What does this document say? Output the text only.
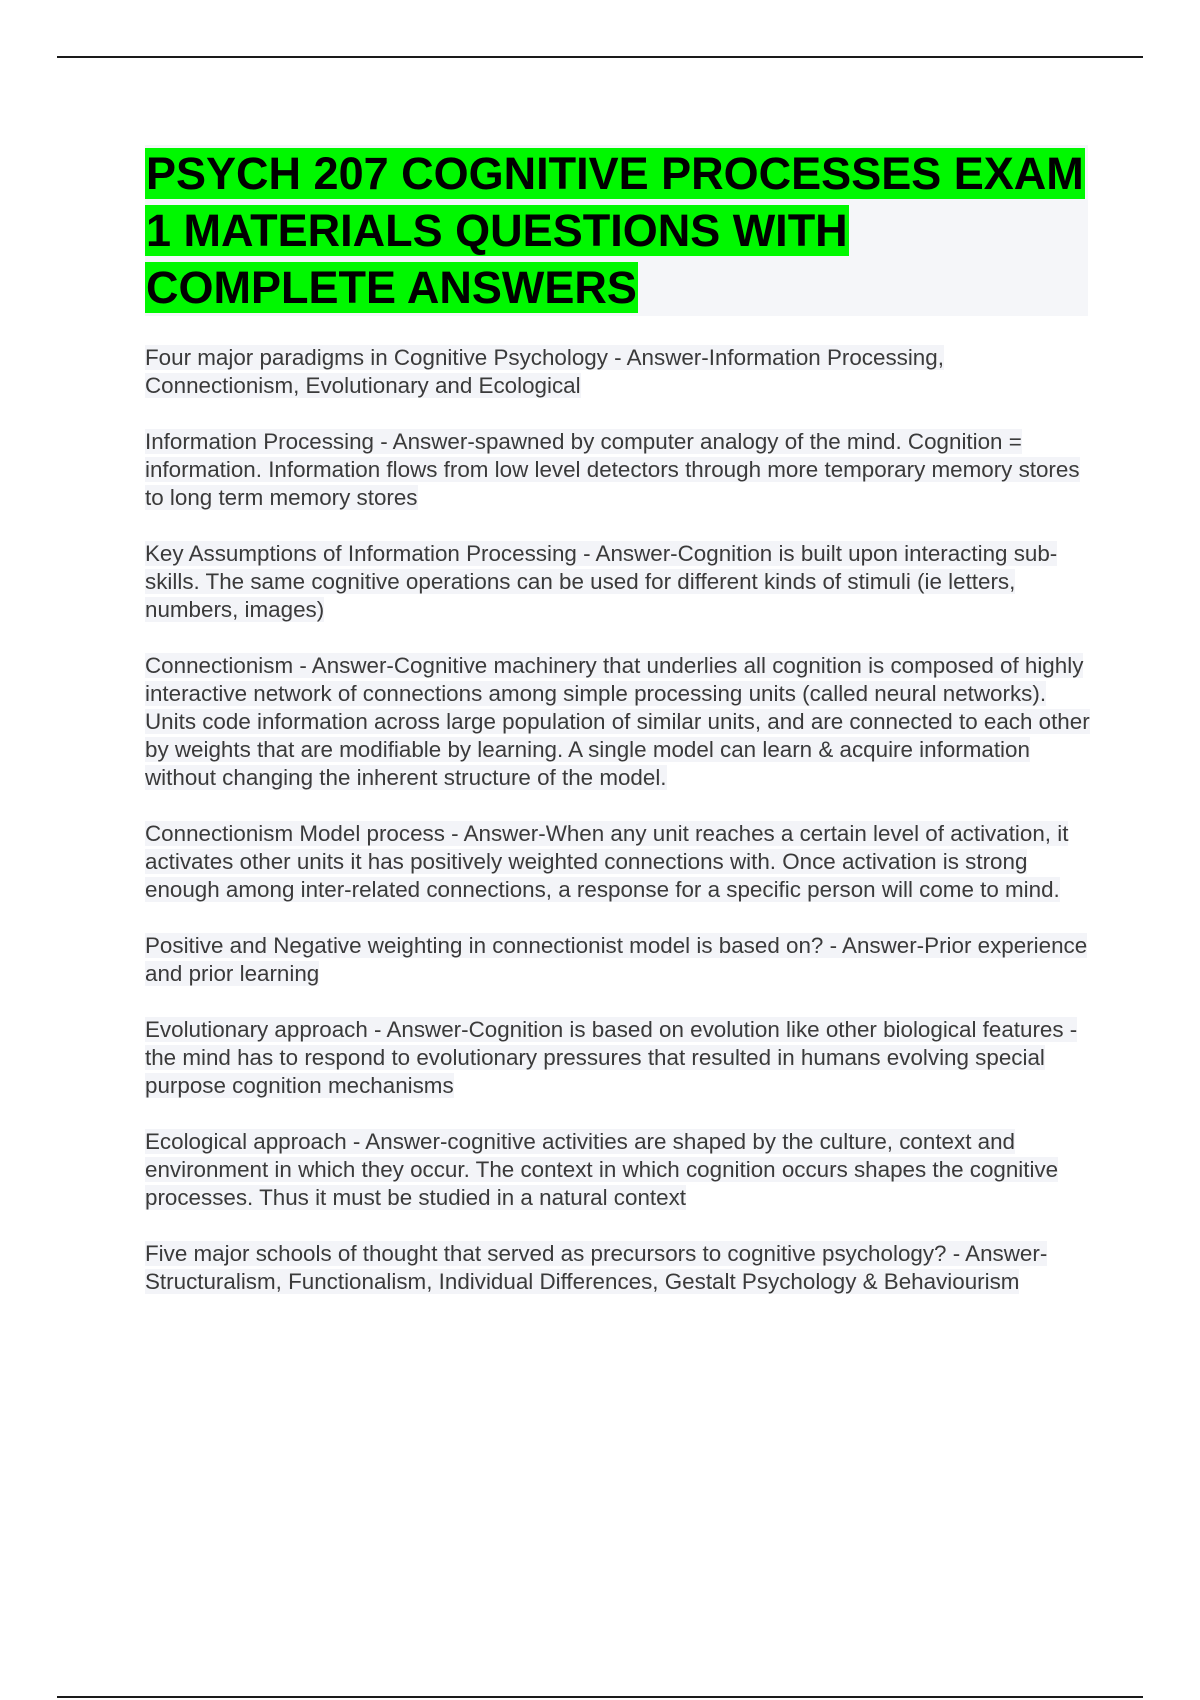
PSYCH 207 COGNITIVE PROCESSES EXAM 1 MATERIALS QUESTIONS WITH COMPLETE ANSWERS

Four major paradigms in Cognitive Psychology - Answer-Information Processing, Connectionism, Evolutionary and Ecological

Information Processing - Answer-spawned by computer analogy of the mind. Cognition = information. Information flows from low level detectors through more temporary memory stores to long term memory stores

Key Assumptions of Information Processing - Answer-Cognition is built upon interacting sub-skills. The same cognitive operations can be used for different kinds of stimuli (ie letters, numbers, images)

Connectionism - Answer-Cognitive machinery that underlies all cognition is composed of highly interactive network of connections among simple processing units (called neural networks). Units code information across large population of similar units, and are connected to each other by weights that are modifiable by learning. A single model can learn & acquire information without changing the inherent structure of the model.

Connectionism Model process - Answer-When any unit reaches a certain level of activation, it activates other units it has positively weighted connections with. Once activation is strong enough among inter-related connections, a response for a specific person will come to mind.

Positive and Negative weighting in connectionist model is based on? - Answer-Prior experience and prior learning

Evolutionary approach - Answer-Cognition is based on evolution like other biological features - the mind has to respond to evolutionary pressures that resulted in humans evolving special purpose cognition mechanisms

Ecological approach - Answer-cognitive activities are shaped by the culture, context and environment in which they occur. The context in which cognition occurs shapes the cognitive processes. Thus it must be studied in a natural context

Five major schools of thought that served as precursors to cognitive psychology? - Answer-Structuralism, Functionalism, Individual Differences, Gestalt Psychology & Behaviourism
